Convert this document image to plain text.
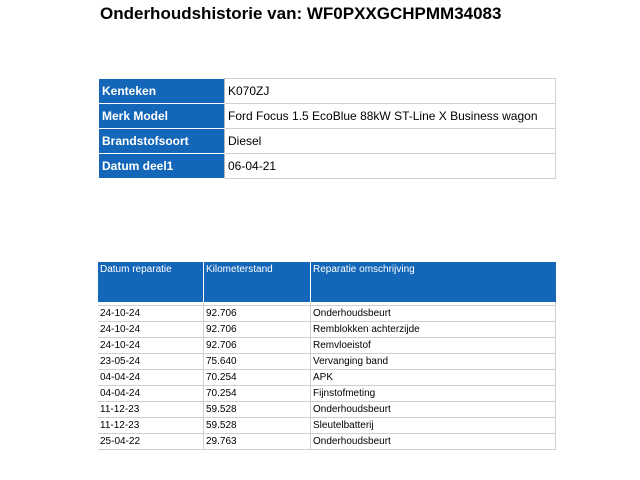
Onderhoudshistorie van: WF0PXXGCHPMM34083
Kenteken	K070ZJ
Merk Model	Ford Focus 1.5 EcoBlue 88kW ST-Line X Business wagon
Brandstofsoort	Diesel
Datum deel1	06-04-21
Datum reparatie	Kilometerstand	Reparatie omschrijving

24-10-24	92.706	Onderhoudsbeurt
24-10-24	92.706	Remblokken achterzijde
24-10-24	92.706	Remvloeistof
23-05-24	75.640	Vervanging band
04-04-24	70.254	APK
04-04-24	70.254	Fijnstofmeting
11-12-23	59.528	Onderhoudsbeurt
11-12-23	59.528	Sleutelbatterij
25-04-22	29.763	Onderhoudsbeurt
